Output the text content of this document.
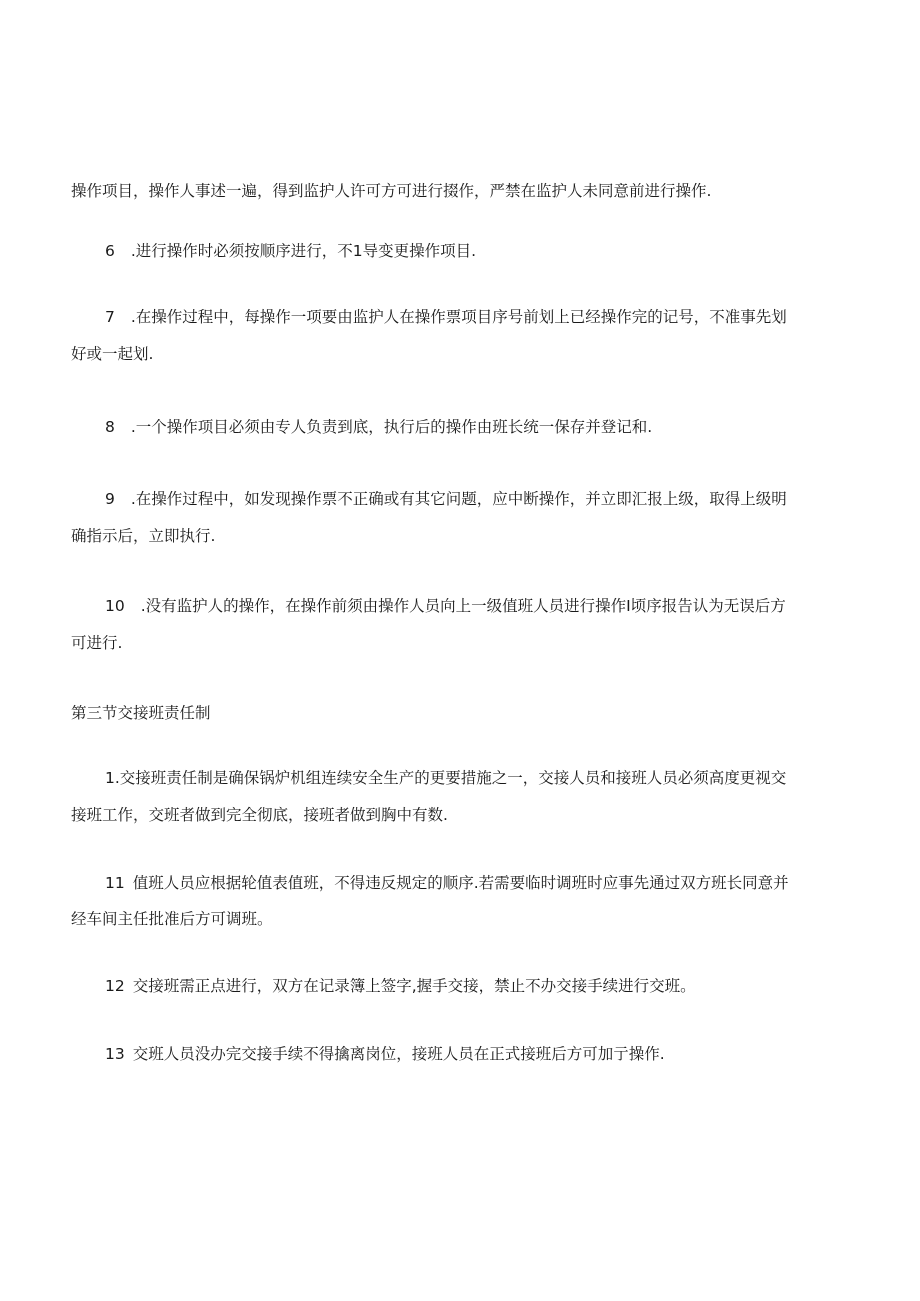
操作项目，操作人事述一遍，得到监护人许可方可进行掇作，严禁在监护人未同意前进行操作.
6 .进行操作时必须按顺序进行，不1导变更操作项目.
7 .在操作过程中，每操作一项要由监护人在操作票项目序号前划上已经操作完的记号，不准事先划
好或一起划.
8 .一个操作项目必须由专人负责到底，执行后的操作由班长统一保存并登记和.
9 .在操作过程中，如发现操作票不正确或有其它问题，应中断操作，并立即汇报上级，取得上级明
确指示后，立即执行.
10 .没有监护人的操作，在操作前须由操作人员向上一级值班人员进行操作I顷序报告认为无误后方
可进行.
第三节交接班责任制
1.交接班责任制是确保锅炉机组连续安全生产的更要措施之一，交接人员和接班人员必须高度更视交
接班工作，交班者做到完全彻底，接班者做到胸中有数.
11 值班人员应根据轮值表值班，不得违反规定的顺序.若需要临时调班时应事先通过双方班长同意并
经车间主任批准后方可调班。
12 交接班需正点进行，双方在记录簿上签字,握手交接，禁止不办交接手续进行交班。
13 交班人员没办完交接手续不得擒离岗位，接班人员在正式接班后方可加亍操作.
